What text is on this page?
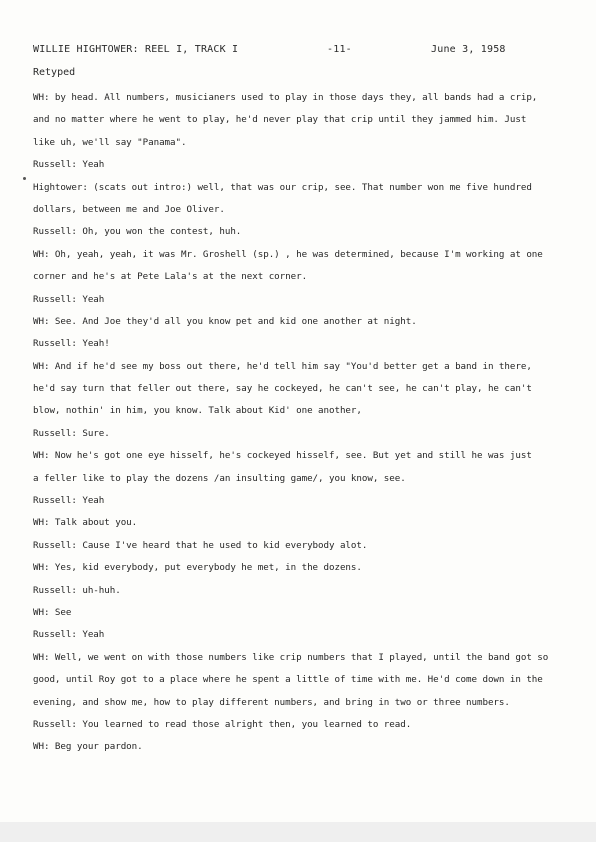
WILLIE HIGHTOWER: REEL I, TRACK I	-11-	June 3, 1958
Retyped
WH: by head. All numbers, musicianers used to play in those days they, all bands had a crip,
and no matter where he went to play, he'd never play that crip until they jammed him. Just
like uh, we'll say "Panama".
Russell: Yeah
Hightower: (scats out intro:) well, that was our crip, see. That number won me five hundred
dollars, between me and Joe Oliver.
Russell: Oh, you won the contest, huh.
WH: Oh, yeah, yeah, it was Mr. Groshell (sp.) , he was determined, because I'm working at one
corner and he's at Pete Lala's at the next corner.
Russell: Yeah
WH: See. And Joe they'd all you know pet and kid one another at night.
Russell: Yeah!
WH: And if he'd see my boss out there, he'd tell him say "You'd better get a band in there,
he'd say turn that feller out there, say he cockeyed, he can't see, he can't play, he can't
blow, nothin' in him, you know. Talk about Kid' one another,
Russell: Sure.
WH: Now he's got one eye hisself, he's cockeyed hisself, see. But yet and still he was just
a feller like to play the dozens /an insulting game/, you know, see.
Russell: Yeah
WH: Talk about you.
Russell: Cause I've heard that he used to kid everybody alot.
WH: Yes, kid everybody, put everybody he met, in the dozens.
Russell: uh-huh.
WH: See
Russell: Yeah
WH: Well, we went on with those numbers like crip numbers that I played, until the band got so
good, until Roy got to a place where he spent a little of time with me. He'd come down in the
evening, and show me, how to play different numbers, and bring in two or three numbers.
Russell: You learned to read those alright then, you learned to read.
WH: Beg your pardon.
